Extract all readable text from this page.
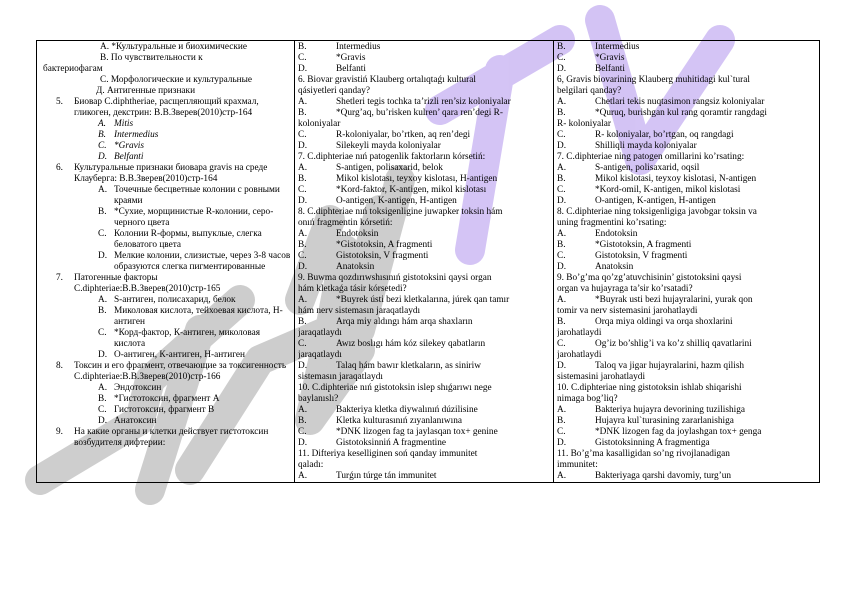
A. *Культуральные и биохимические
B. По чувствительности к
бактериофагам
C. Морфологические и культуральные
Д. Антигенные признаки
5.	Биовар С.diphtheriae, расщепляющий крахмал, гликоген, декстрин: В.В.Зверев(2010)стр-164
A. Mitis
B. Intermedius
C. *Gravis
D. Belfanti
6.	Культуральные признаки биовара gravis на среде Клауберга: В.В.Зверев(2010)стр-164
A. Точечные бесцветные колонии с ровными краями
B. *Сухие, морщинистые R-колонии, серо-черного цвета
C. Колонии R-формы, выпуклые, слегка беловатого цвета
D. Мелкие колонии, слизистые, через 3-8 часов образуются слегка пигментированные
7.	Патогенные факторы С.diphteriae:В.В.Зверев(2010)стр-165
A. S-антиген, полисахарид, белок
B. Миколовая кислота, тейхоевая кислота, Н-антиген
C. *Корд-фактор, К-антиген, миколовая кислота
D. О-антиген, К-антиген, Н-антиген
8.	Токсин и его фрагмент, отвечающие за токсигенность С.diphteriae:В.В.Зверев(2010)стр-166
A. Эндотоксин
B. *Гистотоксин, фрагмент А
C. Гистотоксин, фрагмент В
D. Анатоксин
9.	На какие органы и клетки действует гистотоксин возбудителя дифтерии:

B.	Intermedius
C.	*Gravis
D.	Belfanti
6. Biovar gravistiń Klauberg ortalıqtaǵı kultural
qásiyetleri qanday?
A.	Shetleri tegis tochka ta’rizli ren’siz koloniyalar
B.	*Qurg’aq, bu’risken kulren’ qara ren’degi R-
koloniyalar
C.	R-koloniyalar, bo’rtken, aq ren’degi
D.	Silekeyli mayda koloniyalar
7. C.diphteriae nıń patogenlik faktorların kórsetiń:
A.	S-antigen, polisaxarid, belok
B.	Mikol kislotası, teyxoy kislotası, H-antigen
C.	*Kord-faktor, K-antigen, mikol kislotası
D.	O-antigen, K-antigen, H-antigen
8. C.diphteriae nıń toksigenligine juwapker toksin hám
onıń fragmentin kórsetiń:
A.	Endotoksin
B.	*Gistotoksin, A fragmenti
C.	Gistotoksin, V fragmenti
D.	Anatoksin
9. Buwma qozdırıwshısınıń gistotoksini qaysi organ
hám kletkaǵa tásir kórsetedi?
A.	*Buyrek ústi bezi kletkalarına, júrek qan tamır
hám nerv sistemasın jaraqatlaydı
B.	Arqa miy aldıngı hám arqa shaxların
jaraqatlaydı
C.	Awız boslıgı hám kóz silekey qabatların
jaraqatlaydı
D.	Talaq hám bawır kletkaların, as siniriw
sistemasın jaraqatlaydı
10. C.diphteriae nıń gistotoksin islep shıǵarıwı nege
baylanıslı?
A.	Bakteriya kletka diywalınıń dúzilisine
B.	Kletka kulturasınıń zıyanlanıwına
C.	*DNK lizogen fag ta jaylasqan tox+ genine
D.	Gistotoksinniń A fragmentine
11. Difteriya keselliginen soń qanday immunitet
qaladı:
A.	Turǵın túrge tán immunitet

B.	Intermedius
C.	*Gravis
D.	Belfanti
6, Gravis biovarining Klauberg muhitidagi kul`tural
belgilari qanday?
A.	Chetlari tekis nuqtasimon rangsiz koloniyalar
B.	*Quruq, burishgan kul rang qoramtir rangdagi
R- koloniyalar
C.	R- koloniyalar, bo’rtgan, oq rangdagi
D.	Shilliqli mayda koloniyalar
7. C.diphteriae ning patogen omillarini ko’rsating:
A.	S-antigen, polisaxarid, oqsil
B.	Mikol kislotasi, teyxoy kislotasi, N-antigen
C.	*Kord-omil, K-antigen, mikol kislotasi
D.	O-antigen, K-antigen, H-antigen
8. C.diphteriae ning toksigenligiga javobgar toksin va
uning fragmentini ko’rsating:
A.	Endotoksin
B.	*Gistotoksin, A fragmenti
C.	Gistotoksin, V fragmenti
D.	Anatoksin
9. Bo’g’ma qo’zg’atuvchisinin’ gistotoksini qaysi
organ va hujayraga ta’sir ko’rsatadi?
A.	*Buyrak usti bezi hujayralarini, yurak qon
tomir va nerv sistemasini jarohatlaydi
B.	Orqa miya oldingi va orqa shoxlarini
jarohatlaydi
C.	Og’iz bo’shlig’i va ko’z shilliq qavatlarini
jarohatlaydi
D.	Taloq va jigar hujayralarini, hazm qilish
sistemasini jarohatlaydi
10. C.diphteriae ning gistotoksin ishlab shiqarishi
nimaga bog’liq?
A.	Bakteriya hujayra devorining tuzilishiga
B.	Hujayra kul`turasining zararlanishiga
C.	*DNK lizogen fag da joylashgan tox+ genga
D.	Gistotoksinning A fragmentiga
11. Bo’g’ma kasalligidan so’ng rivojlanadigan
immunitet:
A.	Bakteriyaga qarshi davomiy, turg’un
